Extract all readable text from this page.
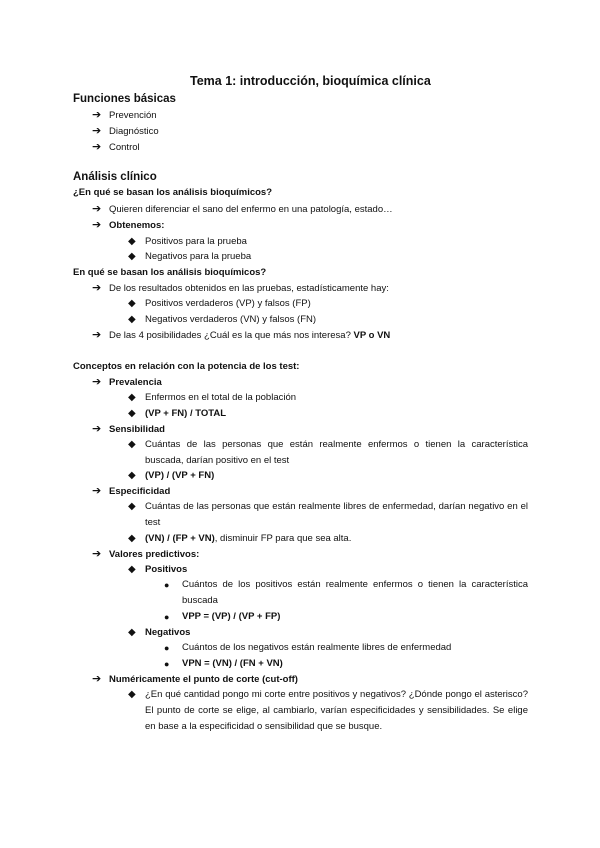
Tema 1: introducción, bioquímica clínica
Funciones básicas
➔ Prevención
➔ Diagnóstico
➔ Control
Análisis clínico
¿En qué se basan los análisis bioquímicos?
➔ Quieren diferenciar el sano del enfermo en una patología, estado…
➔ Obtenemos:
◆ Positivos para la prueba
◆ Negativos para la prueba
En qué se basan los análisis bioquímicos?
➔ De los resultados obtenidos en las pruebas, estadísticamente hay:
◆ Positivos verdaderos (VP) y falsos (FP)
◆ Negativos verdaderos (VN) y falsos (FN)
➔ De las 4 posibilidades ¿Cuál es la que más nos interesa? VP o VN
Conceptos en relación con la potencia de los test:
➔ Prevalencia
◆ Enfermos en el total de la población
◆ (VP + FN) / TOTAL
➔ Sensibilidad
◆ Cuántas de las personas que están realmente enfermos o tienen la característica buscada, darían positivo en el test
◆ (VP) / (VP + FN)
➔ Especificidad
◆ Cuántas de las personas que están realmente libres de enfermedad, darían negativo en el test
◆ (VN) / (FP + VN), disminuir FP para que sea alta.
➔ Valores predictivos:
◆ Positivos
● Cuántos de los positivos están realmente enfermos o tienen la característica buscada
● VPP = (VP) / (VP + FP)
◆ Negativos
● Cuántos de los negativos están realmente libres de enfermedad
● VPN = (VN) / (FN + VN)
➔ Numéricamente el punto de corte (cut-off)
◆ ¿En qué cantidad pongo mi corte entre positivos y negativos? ¿Dónde pongo el asterisco? El punto de corte se elige, al cambiarlo, varían especificidades y sensibilidades. Se elige en base a la especificidad o sensibilidad que se busque.
